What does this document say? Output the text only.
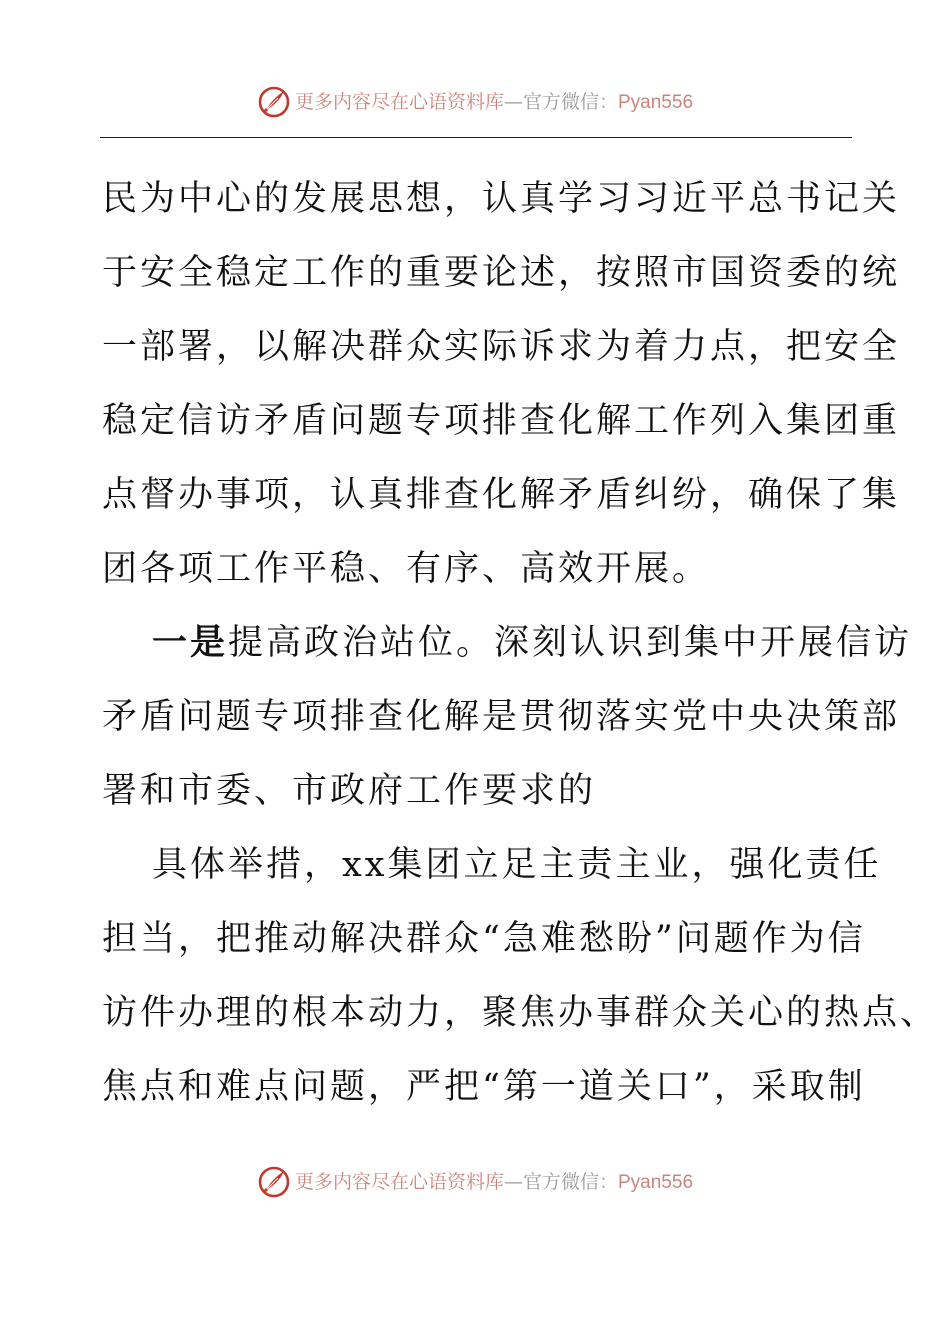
更多内容尽在心语资料库—官方微信：Pyan556
民为中心的发展思想，认真学习习近平总书记关
于安全稳定工作的重要论述，按照市国资委的统
一部署，以解决群众实际诉求为着力点，把安全
稳定信访矛盾问题专项排查化解工作列入集团重
点督办事项，认真排查化解矛盾纠纷，确保了集
团各项工作平稳、有序、高效开展。
一是提高政治站位。深刻认识到集中开展信访
矛盾问题专项排查化解是贯彻落实党中央决策部
署和市委、市政府工作要求的
具体举措，xx集团立足主责主业，强化责任
担当，把推动解决群众“急难愁盼”问题作为信
访件办理的根本动力，聚焦办事群众关心的热点、
焦点和难点问题，严把“第一道关口”，采取制
更多内容尽在心语资料库—官方微信：Pyan556
